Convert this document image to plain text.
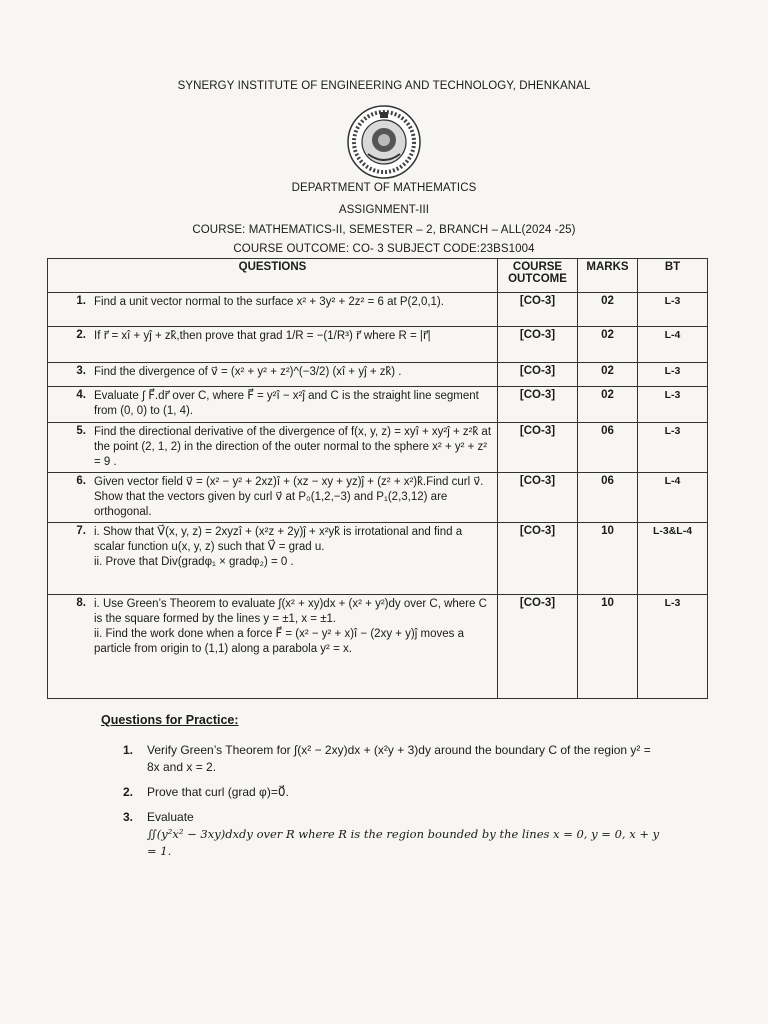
SYNERGY INSTITUTE OF ENGINEERING AND TECHNOLOGY, DHENKANAL
DEPARTMENT OF MATHEMATICS
ASSIGNMENT-III
COURSE: MATHEMATICS-II, SEMESTER – 2, BRANCH – ALL(2024 -25)
COURSE OUTCOME: CO- 3 SUBJECT CODE:23BS1004
QUESTIONS	COURSE OUTCOME	MARKS	BT

1. Find a unit vector normal to the surface x² + 3y² + 2z² = 6 at P(2,0,1).	[CO-3]	02	L-3

2. If r⃗ = xî + yĵ + zk̂,then prove that grad 1/R = −(1/R³) r⃗ where R = |r⃗|	[CO-3]	02	L-4

3. Find the divergence of v⃗ = (x² + y² + z²)^(−3/2) (xî + yĵ + zk̂) .	[CO-3]	02	L-3

4. Evaluate ∫ F⃗.dr⃗ over C, where F⃗ = y²î − x²ĵ and C is the straight line segment from (0, 0) to (1, 4).	[CO-3]	02	L-3

5. Find the directional derivative of the divergence of f(x, y, z) = xyî + xy²ĵ + z²k̂ at the point (2, 1, 2) in the direction of the outer normal to the sphere x² + y² + z² = 9 .	[CO-3]	06	L-3

6. Given vector field v⃗ = (x² − y² + 2xz)î + (xz − xy + yz)ĵ + (z² + x²)k̂.Find curl v⃗. Show that the vectors given by curl v⃗ at P₀(1,2,−3) and P₁(2,3,12) are orthogonal.	[CO-3]	06	L-4

7. i. Show that V⃗(x, y, z) = 2xyzî + (x²z + 2y)ĵ + x²yk̂ is irrotational and find a scalar function u(x, y, z) such that V⃗ = grad u.
ii. Prove that Div(gradφ₁ × gradφ₂) = 0 .	[CO-3]	10	L-3&L-4

8. i. Use Green’s Theorem to evaluate ∫(x² + xy)dx + (x² + y²)dy over C, where C is the square formed by the lines y = ±1, x = ±1.
ii. Find the work done when a force F⃗ = (x² − y² + x)î − (2xy + y)ĵ moves a particle from origin to (1,1) along a parabola y² = x.	[CO-3]	10	L-3
Questions for Practice:
1.	Verify Green’s Theorem for ∫(x² − 2xy)dx + (x²y + 3)dy around the boundary C of the region y² = 8x and x = 2.
2.	Prove that curl (grad φ)=0⃗.
3.	Evaluate
∬(y²x² − 3xy)dxdy over R where R is the region bounded by the lines x = 0, y = 0, x + y = 1.
